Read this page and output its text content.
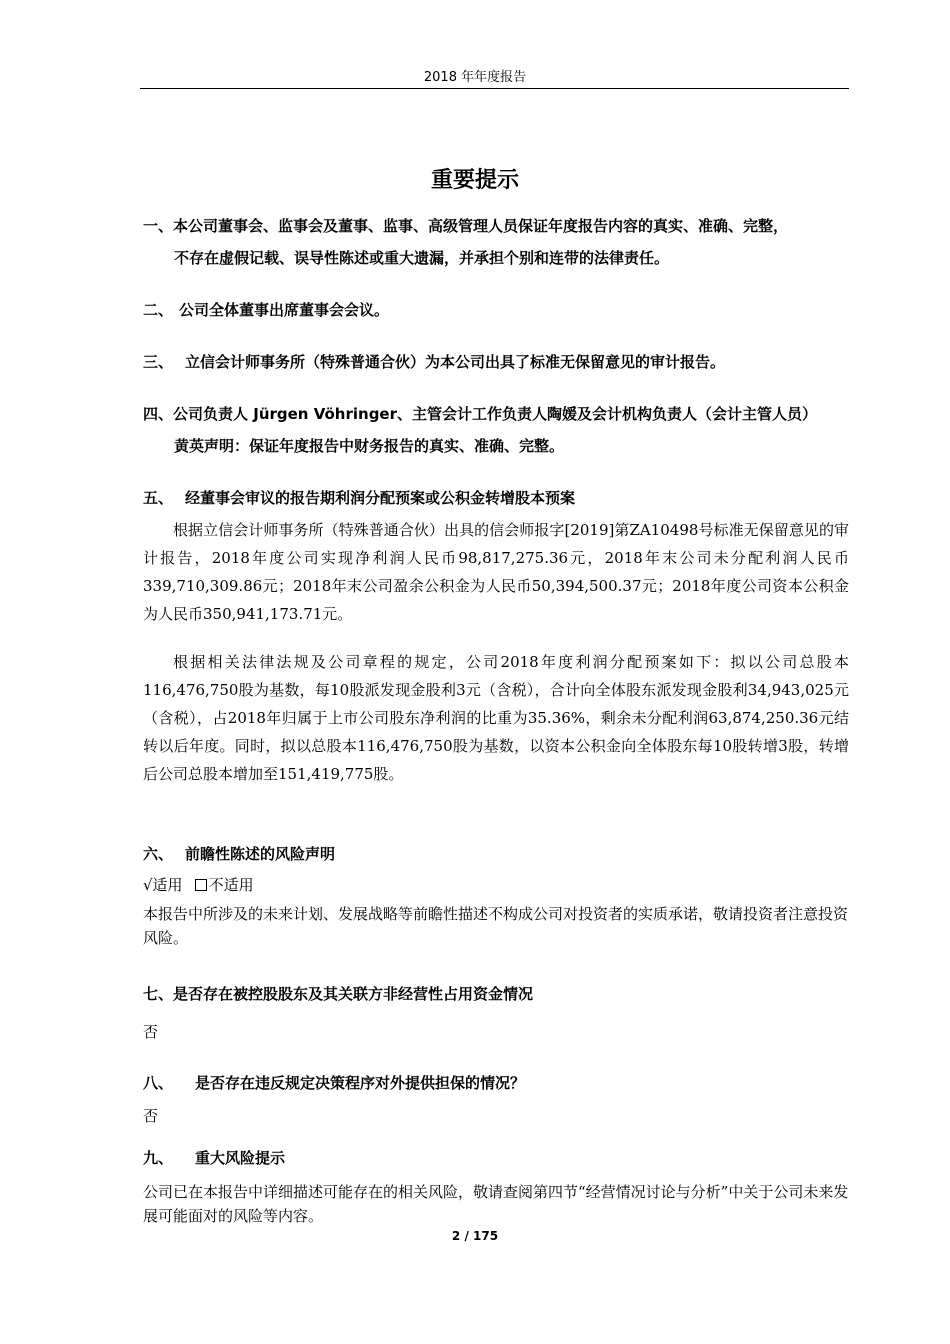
2018 年年度报告
重要提示
一、本公司董事会、监事会及董事、监事、高级管理人员保证年度报告内容的真实、准确、完整，
不存在虚假记载、误导性陈述或重大遗漏，并承担个别和连带的法律责任。
二、 公司全体董事出席董事会会议。
三、 立信会计师事务所（特殊普通合伙）为本公司出具了标准无保留意见的审计报告。
四、公司负责人 Jürgen Vöhringer、主管会计工作负责人陶媛及会计机构负责人（会计主管人员）
黄英声明：保证年度报告中财务报告的真实、准确、完整。
五、 经董事会审议的报告期利润分配预案或公积金转增股本预案
根据立信会计师事务所（特殊普通合伙）出具的信会师报字[2019]第ZA10498号标准无保留意见的审计报告，2018年度公司实现净利润人民币98,817,275.36元，2018年末公司未分配利润人民币339,710,309.86元；2018年末公司盈余公积金为人民币50,394,500.37元；2018年度公司资本公积金为人民币350,941,173.71元。
根据相关法律法规及公司章程的规定，公司2018年度利润分配预案如下：拟以公司总股本116,476,750股为基数，每10股派发现金股利3元（含税），合计向全体股东派发现金股利34,943,025元（含税），占2018年归属于上市公司股东净利润的比重为35.36%，剩余未分配利润63,874,250.36元结转以后年度。同时，拟以总股本116,476,750股为基数，以资本公积金向全体股东每10股转增3股，转增后公司总股本增加至151,419,775股。
六、 前瞻性陈述的风险声明
√适用 不适用
本报告中所涉及的未来计划、发展战略等前瞻性描述不构成公司对投资者的实质承诺，敬请投资者注意投资风险。
七、是否存在被控股股东及其关联方非经营性占用资金情况
否
八、 是否存在违反规定决策程序对外提供担保的情况？
否
九、 重大风险提示
公司已在本报告中详细描述可能存在的相关风险，敬请查阅第四节“经营情况讨论与分析”中关于公司未来发展可能面对的风险等内容。
2 / 175
